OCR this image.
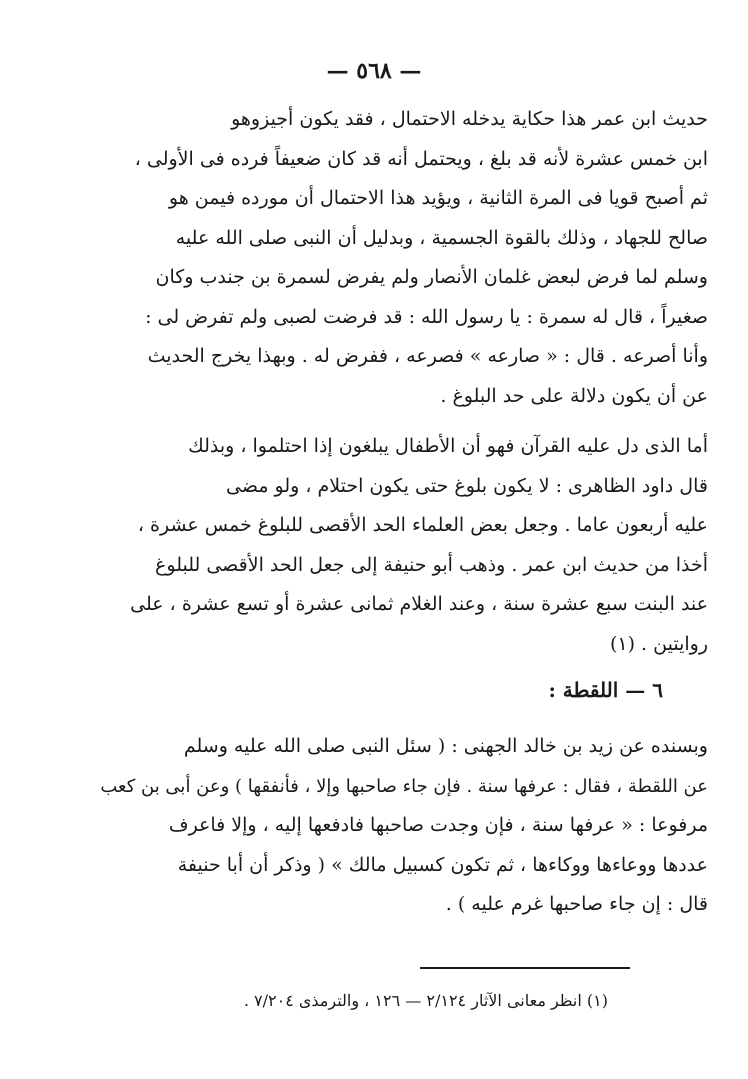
— ٥٦٨ —
حديث ابن عمر هذا حكاية يدخله الاحتمال ، فقد يكون أجيزوهو
ابن خمس عشرة لأنه قد بلغ ، ويحتمل أنه قد كان ضعيفاً فرده فى الأولى ،
ثم أصبح قويا فى المرة الثانية ، ويؤيد هذا الاحتمال أن مورده فيمن هو
صالح للجهاد ، وذلك بالقوة الجسمية ، وبدليل أن النبى صلى الله عليه
وسلم لما فرض لبعض غلمان الأنصار ولم يفرض لسمرة بن جندب وكان
صغيراً ، قال له سمرة : يا رسول الله : قد فرضت لصبى ولم تفرض لى :
وأنا أصرعه . قال : « صارعه » فصرعه ، ففرض له . وبهذا يخرج الحديث
عن أن يكون دلالة على حد البلوغ .
أما الذى دل عليه القرآن فهو أن الأطفال يبلغون إذا احتلموا ، وبذلك
قال داود الظاهرى : لا يكون بلوغ حتى يكون احتلام ، ولو مضى
عليه أربعون عاما . وجعل بعض العلماء الحد الأقصى للبلوغ خمس عشرة ،
أخذا من حديث ابن عمر . وذهب أبو حنيفة إلى جعل الحد الأقصى للبلوغ
عند البنت سبع عشرة سنة ، وعند الغلام ثمانى عشرة أو تسع عشرة ، على
روايتين . (١)
٦ — اللقطة :
وبسنده عن زيد بن خالد الجهنى : ( سئل النبى صلى الله عليه وسلم
عن اللقطة ، فقال : عرفها سنة . فإن جاء صاحبها وإلا ، فأنفقها ) وعن أبى بن كعب
مرفوعا : « عرفها سنة ، فإن وجدت صاحبها فادفعها إليه ، وإلا فاعرف
عددها ووعاءها ووكاءها ، ثم تكون كسبيل مالك » ( وذكر أن أبا حنيفة
قال : إن جاء صاحبها غرم عليه ) .
(١) انظر معانى الآثار ٢/١٢٤ — ١٢٦ ، والترمذى ٧/٢٠٤ .
